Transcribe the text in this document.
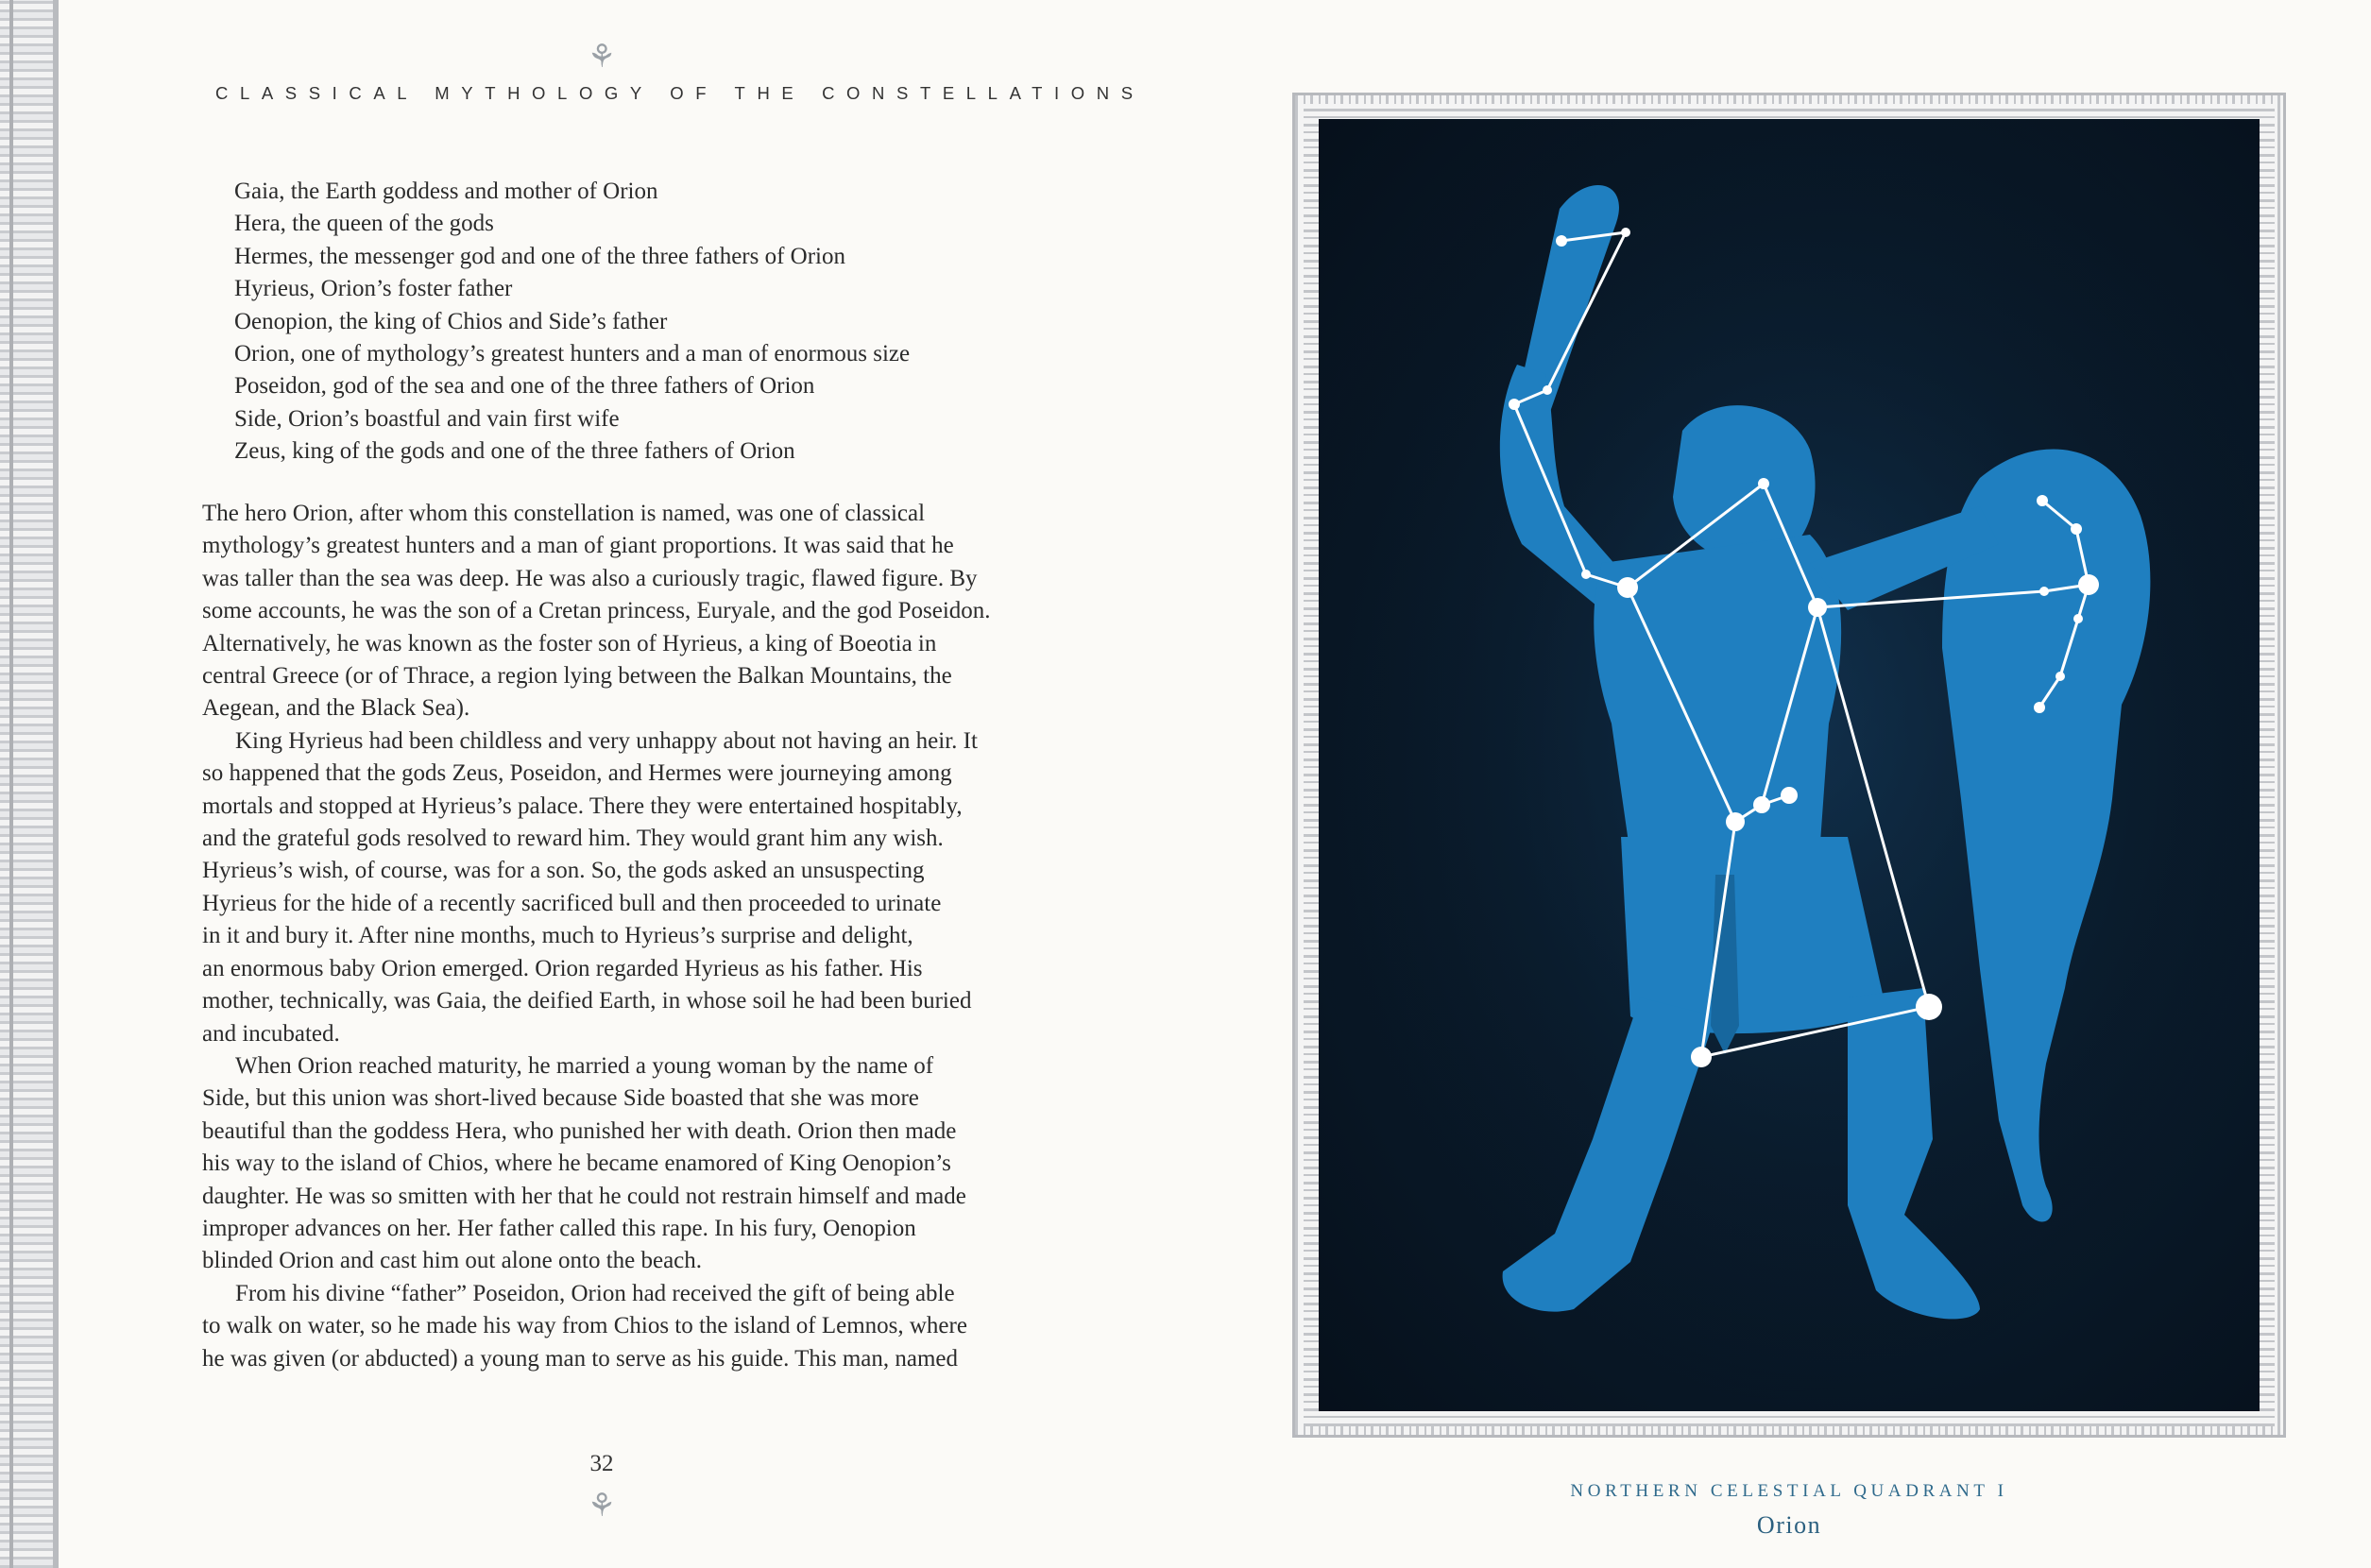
⚘
CLASSICAL MYTHOLOGY OF THE CONSTELLATIONS
Gaia, the Earth goddess and mother of Orion
Hera, the queen of the gods
Hermes, the messenger god and one of the three fathers of Orion
Hyrieus, Orion’s foster father
Oenopion, the king of Chios and Side’s father
Orion, one of mythology’s greatest hunters and a man of enormous size
Poseidon, god of the sea and one of the three fathers of Orion
Side, Orion’s boastful and vain first wife
Zeus, king of the gods and one of the three fathers of Orion
The hero Orion, after whom this constellation is named, was one of classical
mythology’s greatest hunters and a man of giant proportions. It was said that he
was taller than the sea was deep. He was also a curiously tragic, flawed figure. By
some accounts, he was the son of a Cretan princess, Euryale, and the god Poseidon.
Alternatively, he was known as the foster son of Hyrieus, a king of Boeotia in
central Greece (or of Thrace, a region lying between the Balkan Mountains, the
Aegean, and the Black Sea).
King Hyrieus had been childless and very unhappy about not having an heir. It
so happened that the gods Zeus, Poseidon, and Hermes were journeying among
mortals and stopped at Hyrieus’s palace. There they were entertained hospitably,
and the grateful gods resolved to reward him. They would grant him any wish.
Hyrieus’s wish, of course, was for a son. So, the gods asked an unsuspecting
Hyrieus for the hide of a recently sacrificed bull and then proceeded to urinate
in it and bury it. After nine months, much to Hyrieus’s surprise and delight,
an enormous baby Orion emerged. Orion regarded Hyrieus as his father. His
mother, technically, was Gaia, the deified Earth, in whose soil he had been buried
and incubated.
When Orion reached maturity, he married a young woman by the name of
Side, but this union was short-lived because Side boasted that she was more
beautiful than the goddess Hera, who punished her with death. Orion then made
his way to the island of Chios, where he became enamored of King Oenopion’s
daughter. He was so smitten with her that he could not restrain himself and made
improper advances on her. Her father called this rape. In his fury, Oenopion
blinded Orion and cast him out alone onto the beach.
From his divine “father” Poseidon, Orion had received the gift of being able
to walk on water, so he made his way from Chios to the island of Lemnos, where
he was given (or abducted) a young man to serve as his guide. This man, named
32
⚘	NORTHERN CELESTIAL QUADRANT I
Orion
